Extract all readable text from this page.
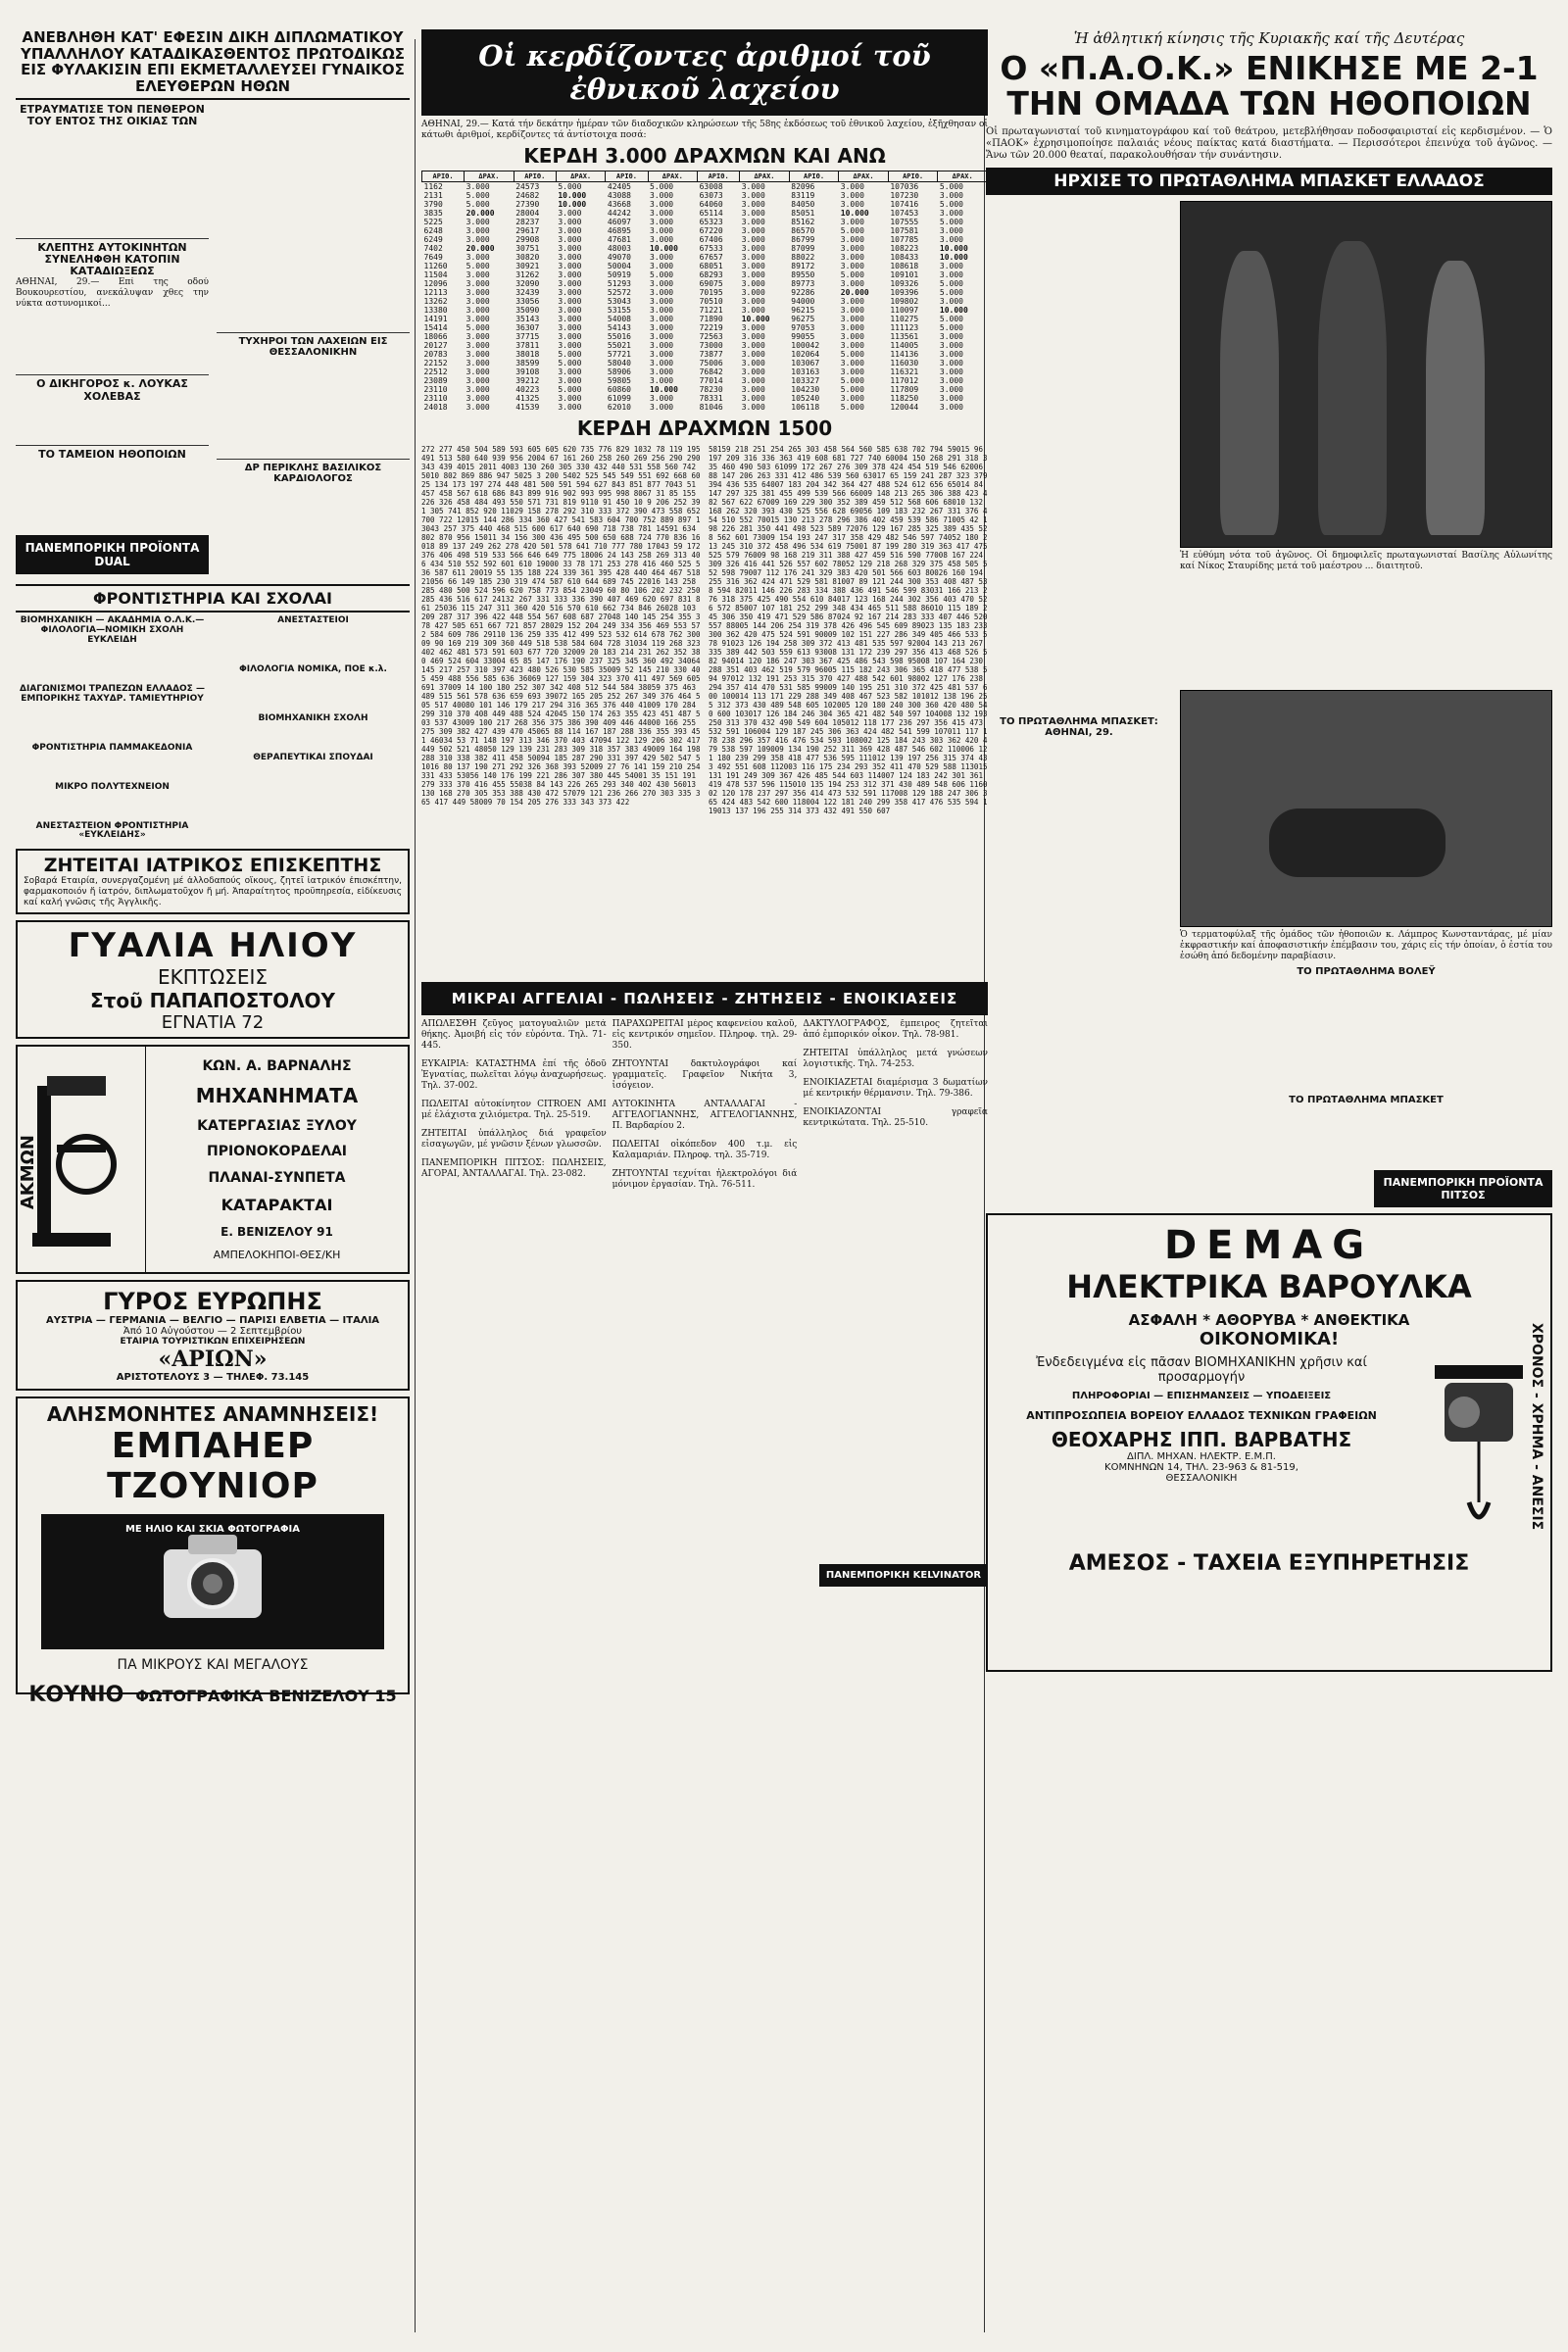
ΑΝΕΒΛΗΘΗ ΚΑΤ' ΕΦΕΣΙΝ ΔΙΚΗ ΔΙΠΛΩΜΑΤΙΚΟΥ ΥΠΑΛΛΗΛΟΥ ΚΑΤΑΔΙΚΑΣΘΕΝΤΟΣ ΠΡΩΤΟΔΙΚΩΣ ΕΙΣ ΦΥΛΑΚΙΣΙΝ ΕΠΙ ΕΚΜΕΤΑΛΛΕΥΣΕΙ ΓΥΝΑΙΚΟΣ ΕΛΕΥΘΕΡΩΝ ΗΘΩΝ
ΕΤΡΑΥΜΑΤΙΣΕ ΤΟΝ ΠΕΝΘΕΡΟΝ ΤΟΥ ΕΝΤΟΣ ΤΗΣ ΟΙΚΙΑΣ ΤΩΝ

ΚΛΕΠΤΗΣ ΑΥΤΟΚΙΝΗΤΩΝ ΣΥΝΕΛΗΦΘΗ ΚΑΤΟΠΙΝ ΚΑΤΑΔΙΩΞΕΩΣ

ΑΘΗΝΑΙ, 29.— Επί της οδού Βουκουρεστίου, ανεκάλυψαν χθες την νύκτα αστυνομικοί...

Ο ΔΙΚΗΓΟΡΟΣ κ. ΛΟΥΚΑΣ ΧΟΛΕΒΑΣ

ΤΟ ΤΑΜΕΙΟΝ ΗΘΟΠΟΙΩΝ

ΠΑΝΕΜΠΟΡΙΚΗ ΠΡΟΪΟΝΤΑ DUAL

ΤΥΧΗΡΟΙ ΤΩΝ ΛΑΧΕΙΩΝ ΕΙΣ ΘΕΣΣΑΛΟΝΙΚΗΝ

ΔΡ ΠΕΡΙΚΛΗΣ ΒΑΣΙΛΙΚΟΣ ΚΑΡΔΙΟΛΟΓΟΣ

ΦΡΟΝΤΙΣΤΗΡΙΑ ΚΑΙ ΣΧΟΛΑΙ
ΒΙΟΜΗΧΑΝΙΚΗ — ΑΚΑΔΗΜΙΑ Ο.Λ.Κ.—ΦΙΛΟΛΟΓΙΑ—ΝΟΜΙΚΗ ΣΧΟΛΗ ΕΥΚΛΕΙΔΗ

ΔΙΑΓΩΝΙΣΜΟΙ ΤΡΑΠΕΖΩΝ ΕΛΛΑΔΟΣ — ΕΜΠΟΡΙΚΗΣ ΤΑΧΥΔΡ. ΤΑΜΙΕΥΤΗΡΙΟΥ

ΦΡΟΝΤΙΣΤΗΡΙΑ ΠΑΜΜΑΚΕΔΟΝΙΑ

ΜΙΚΡΟ ΠΟΛΥΤΕΧΝΕΙΟΝ

ΑΝΕΣΤΑΣΤΕΙΟΝ ΦΡΟΝΤΙΣΤΗΡΙΑ «ΕΥΚΛΕΙΔΗΣ»
ΑΝΕΣΤΑΣΤΕΙΟΙ

ΦΙΛΟΛΟΓΙΑ ΝΟΜΙΚΑ, ΠΟΕ κ.λ.

ΒΙΟΜΗΧΑΝΙΚΗ ΣΧΟΛΗ

ΘΕΡΑΠΕΥΤΙΚΑΙ ΣΠΟΥΔΑΙ

ΖΗΤΕΙΤΑΙ ΙΑΤΡΙΚΟΣ ΕΠΙΣΚΕΠΤΗΣ

Σοβαρά Εταιρία, συνεργαζομένη μέ ἀλλοδαπούς οἴκους, ζητεῖ ἰατρικόν ἐπισκέπτην, φαρμακοποιόν ἤ ἰατρόν, διπλωματοῦχον ἤ μή. Ἀπαραίτητος προϋπηρεσία, εἰδίκευσις καί καλή γνῶσις τῆς Ἀγγλικῆς.

ΓΥΑΛΙΑ ΗΛΙΟΥ
ΕΚΠΤΩΣΕΙΣ
Στοῦ ΠΑΠΑΠΟΣΤΟΛΟΥ
ΕΓΝΑΤΙΑ 72
ΑΚΜΩΝ
ΚΩΝ. Α. ΒΑΡΝΑΛΗΣ
ΜΗΧΑΝΗΜΑΤΑ
ΚΑΤΕΡΓΑΣΙΑΣ ΞΥΛΟΥ
ΠΡΙΟΝΟΚΟΡΔΕΛΑΙ
ΠΛΑΝΑΙ-ΣΥΝΠΕΤΑ
ΚΑΤΑΡΑΚΤΑΙ
Ε. ΒΕΝΙΖΕΛΟΥ 91
ΑΜΠΕΛΟΚΗΠΟΙ-ΘΕΣ/ΚΗ
ΓΥΡΟΣ ΕΥΡΩΠΗΣ
ΑΥΣΤΡΙΑ — ΓΕΡΜΑΝΙΑ — ΒΕΛΓΙΟ — ΠΑΡΙΣΙ ΕΛΒΕΤΙΑ — ΙΤΑΛΙΑ
Ἀπό 10 Αὐγούστου — 2 Σεπτεμβρίου
ΕΤΑΙΡΙΑ ΤΟΥΡΙΣΤΙΚΩΝ ΕΠΙΧΕΙΡΗΣΕΩΝ
«ΑΡΙΩΝ»
ΑΡΙΣΤΟΤΕΛΟΥΣ 3 — ΤΗΛΕΦ. 73.145
ΑΛΗΣΜΟΝΗΤΕΣ ΑΝΑΜΝΗΣΕΙΣ!
ΕΜΠΑΗΕΡ ΤΖΟΥΝΙΟΡ
ΜΕ ΗΛΙΟ ΚΑΙ ΣΚΙΑ ΦΩΤΟΓΡΑΦΙΑ
ΠΑ ΜΙΚΡΟΥΣ ΚΑΙ ΜΕΓΑΛΟΥΣ
ΚΟΥΝΙΟ ΦΩΤΟΓΡΑΦΙΚΑ ΒΕΝΙΖΕΛΟΥ 15
Οἱ κερδίζοντες ἀριθμοί τοῦ ἐθνικοῦ λαχείου

ΑΘΗΝΑΙ, 29.— Κατά τήν δεκάτην ἡμέραν τῶν διαδοχικῶν κληρώσεων τῆς 58ης ἐκδόσεως τοῦ ἐθνικοῦ λαχείου, ἐξῆχθησαν οἱ κάτωθι ἀριθμοί, κερδίζοντες τά ἀντίστοιχα ποσά:

ΚΕΡΔΗ 3.000 ΔΡΑΧΜΩΝ ΚΑΙ ΑΝΩ
ΑΡΙΘ.	ΔΡΑΧ.	ΑΡΙΘ.	ΔΡΑΧ.	ΑΡΙΘ.	ΔΡΑΧ.	ΑΡΙΘ.	ΔΡΑΧ.	ΑΡΙΘ.	ΔΡΑΧ.	ΑΡΙΘ.	ΔΡΑΧ.
1162	3.000	24573	5.000	42405	5.000	63008	3.000	82096	3.000	107036	5.000
2131	5.000	24682	10.000	43088	3.000	63073	3.000	83119	3.000	107230	3.000
3790	5.000	27390	10.000	43668	3.000	64060	3.000	84050	3.000	107416	5.000
3835	20.000	28004	3.000	44242	3.000	65114	3.000	85051	10.000	107453	3.000
5225	3.000	28237	3.000	46097	3.000	65323	3.000	85162	3.000	107555	5.000
6248	3.000	29617	3.000	46895	3.000	67220	3.000	86570	5.000	107581	3.000
6249	3.000	29908	3.000	47681	3.000	67406	3.000	86799	3.000	107785	3.000
7402	20.000	30751	3.000	48003	10.000	67533	3.000	87099	3.000	108223	10.000
7649	3.000	30820	3.000	49070	3.000	67657	3.000	88022	3.000	108433	10.000
11260	5.000	30921	3.000	50004	3.000	68051	3.000	89172	3.000	108618	3.000
11504	3.000	31262	3.000	50919	5.000	68293	3.000	89550	5.000	109101	3.000
12096	3.000	32090	3.000	51293	3.000	69075	3.000	89773	3.000	109326	5.000
12113	3.000	32439	3.000	52572	3.000	70195	3.000	92286	20.000	109396	5.000
13262	3.000	33056	3.000	53043	3.000	70510	3.000	94000	3.000	109802	3.000
13380	3.000	35090	3.000	53155	3.000	71221	3.000	96215	3.000	110097	10.000
14191	3.000	35143	3.000	54008	3.000	71890	10.000	96275	3.000	110275	5.000
15414	5.000	36307	3.000	54143	3.000	72219	3.000	97053	3.000	111123	5.000
18066	3.000	37715	3.000	55016	3.000	72563	3.000	99055	3.000	113561	3.000
20127	3.000	37811	3.000	55021	3.000	73000	3.000	100042	3.000	114005	3.000
20783	3.000	38018	5.000	57721	3.000	73877	3.000	102064	5.000	114136	3.000
22152	3.000	38599	5.000	58040	3.000	75006	3.000	103067	3.000	116030	3.000
22512	3.000	39108	3.000	58906	3.000	76842	3.000	103163	3.000	116321	3.000
23089	3.000	39212	3.000	59805	3.000	77014	3.000	103327	5.000	117012	3.000
23110	3.000	40223	5.000	60860	10.000	78230	3.000	104230	5.000	117809	3.000
23110	3.000	41325	3.000	61099	3.000	78331	3.000	105240	3.000	118250	3.000
24018	3.000	41539	3.000	62010	3.000	81046	3.000	106118	5.000	120044	3.000
ΚΕΡΔΗ ΔΡΑΧΜΩΝ 1500
272 277 450 504 589 593 605 605 620 735 776 829 1032 78 119 195 491 513 580 640 939 956 2004 67 161 260 258 260 269 256 290 290 343 439 4015 2011 4003 130 260 305 330 432 440 531 558 560 742 5010 802 869 886 947 5025 3 200 5402 525 545 549 551 692 668 6025 134 173 197 274 448 481 500 591 594 627 843 851 877 7043 51 457 458 567 618 686 843 899 916 902 993 995 998 8067 31 85 155 226 326 458 484 493 550 571 731 819 9110 91 450 10 9 206 252 391 305 741 852 920 11029 158 278 292 310 333 372 390 473 558 652 700 722 12015 144 286 334 360 427 541 583 604 700 752 889 897 13043 257 375 440 468 515 600 617 640 690 718 738 781 14591 634 802 870 956 15011 34 156 300 436 495 500 650 688 724 770 836 16018 89 137 249 262 278 420 501 578 641 710 777 780 17043 59 172 376 406 498 519 533 566 646 649 775 18006 24 143 258 269 313 406 434 510 552 592 601 610 19000 33 78 171 253 278 416 460 525 536 587 611 20019 55 135 188 224 339 361 395 428 440 464 467 518 21056 66 149 185 230 319 474 587 610 644 689 745 22016 143 258 285 480 500 524 596 620 758 773 854 23049 60 80 106 202 232 250 285 436 516 617 24132 267 331 333 336 390 407 469 620 697 831 861 25036 115 247 311 360 420 516 570 610 662 734 846 26028 103 209 287 317 396 422 448 554 567 608 687 27048 140 145 254 355 378 427 505 651 667 721 857 28029 152 204 249 334 356 469 553 572 584 609 786 29110 136 259 335 412 499 523 532 614 678 762 30009 90 169 219 309 360 449 518 538 584 604 728 31034 119 268 323 402 462 481 573 591 603 677 720 32009 20 183 214 231 262 352 380 469 524 604 33004 65 85 147 176 190 237 325 345 360 492 34064 145 217 257 310 397 423 480 526 530 585 35009 52 145 210 330 405 459 488 556 585 636 36069 127 159 304 323 370 411 497 569 605 691 37009 14 100 180 252 307 342 408 512 544 584 38059 375 463 489 515 561 578 636 659 693 39072 165 205 252 267 349 376 464 505 517 40080 101 146 179 217 294 316 365 376 440 41009 170 284 299 310 370 408 449 488 524 42045 150 174 263 355 423 451 487 503 537 43009 100 217 268 356 375 386 390 409 446 44000 166 255 275 309 382 427 439 470 45065 88 114 167 187 288 336 355 393 451 46034 53 71 148 197 313 346 370 403 47094 122 129 206 302 417 449 502 521 48050 129 139 231 283 309 318 357 383 49009 164 198 288 310 338 382 411 458 50094 185 287 290 331 397 429 502 547 51016 80 137 190 271 292 326 368 393 52009 27 76 141 159 210 254 331 433 53056 140 176 199 221 286 307 380 445 54001 35 151 191 279 333 370 416 455 55038 84 143 226 265 293 340 402 430 56013 130 168 270 305 353 388 430 472 57079 121 236 266 270 303 335 365 417 449 58009 70 154 205 276 333 343 373 422
58159 218 251 254 265 303 458 564 560 585 638 702 794 59015 96 197 209 316 336 363 419 608 681 727 740 60004 150 268 291 318 335 460 490 503 61099 172 267 276 309 378 424 454 519 546 62006 88 147 206 263 331 412 486 539 560 63017 65 159 241 287 323 379 394 436 535 64007 183 204 342 364 427 488 524 612 656 65014 84 147 297 325 381 455 499 539 566 66009 148 213 265 306 388 423 482 567 622 67009 169 229 300 352 389 459 512 568 606 68010 132 168 262 320 393 430 525 556 628 69056 109 183 232 267 331 376 454 510 552 70015 130 213 278 296 386 402 459 539 586 71005 42 198 226 281 350 441 498 523 589 72076 129 167 285 325 389 435 528 562 601 73009 154 193 247 317 358 429 482 546 597 74052 180 213 245 310 372 458 496 534 619 75001 87 199 280 319 363 417 475 525 579 76009 98 168 219 311 388 427 459 516 590 77008 167 224 309 326 416 441 526 557 602 78052 129 218 268 329 375 458 505 552 598 79007 112 176 241 329 383 420 501 566 603 80026 160 194 255 316 362 424 471 529 581 81007 89 121 244 300 353 408 487 538 594 82011 146 226 283 334 388 436 491 546 599 83031 166 213 276 318 375 425 490 554 610 84017 123 168 244 302 356 403 470 526 572 85007 107 181 252 299 348 434 465 511 588 86010 115 189 245 306 350 419 471 529 586 87024 92 167 214 283 333 407 446 520 557 88005 144 206 254 319 378 426 496 545 609 89023 135 183 233 300 362 420 475 524 591 90009 102 151 227 286 349 405 466 533 578 91023 126 194 258 309 372 413 481 535 597 92004 143 213 267 335 389 442 503 559 613 93008 131 172 239 297 356 413 468 526 582 94014 120 186 247 303 367 425 486 543 598 95008 107 164 230 288 351 403 462 519 579 96005 115 182 243 306 365 418 477 538 594 97012 132 191 253 315 370 427 488 542 601 98002 127 176 238 294 357 414 470 531 585 99009 140 195 251 310 372 425 481 537 600 100014 113 171 229 288 349 408 467 523 582 101012 138 196 255 312 373 430 489 548 605 102005 120 180 240 300 360 420 480 540 600 103017 126 184 246 304 365 421 482 540 597 104008 132 193 250 313 370 432 490 549 604 105012 118 177 236 297 356 415 473 532 591 106004 129 187 245 306 363 424 482 541 599 107011 117 178 238 296 357 416 476 534 593 108002 125 184 243 303 362 420 479 538 597 109009 134 190 252 311 369 428 487 546 602 110006 121 180 239 299 358 418 477 536 595 111012 139 197 256 315 374 433 492 551 608 112003 116 175 234 293 352 411 470 529 588 113015 131 191 249 309 367 426 485 544 603 114007 124 183 242 301 361 419 478 537 596 115010 135 194 253 312 371 430 489 548 606 116002 120 178 237 297 356 414 473 532 591 117008 129 188 247 306 365 424 483 542 600 118004 122 181 240 299 358 417 476 535 594 119013 137 196 255 314 373 432 491 550 607
ΜΙΚΡΑΙ ΑΓΓΕΛΙΑΙ - ΠΩΛΗΣΕΙΣ - ΖΗΤΗΣΕΙΣ - ΕΝΟΙΚΙΑΣΕΙΣ

ΑΠΩΛΕΣΘΗ ζεῦγος ματογυαλιῶν μετά θήκης. Ἀμοιβή εἰς τόν εὑρόντα. Τηλ. 71-445.

ΕΥΚΑΙΡΙΑ: ΚΑΤΑΣΤΗΜΑ ἐπί τῆς ὁδοῦ Ἐγνατίας, πωλεῖται λόγῳ ἀναχωρήσεως. Τηλ. 37-002.

ΠΩΛΕΙΤΑΙ αὐτοκίνητον CITROEN ΑΜΙ μέ ἐλάχιστα χιλιόμετρα. Τηλ. 25-519.

ΖΗΤΕΙΤΑΙ ὑπάλληλος διά γραφεῖον εἰσαγωγῶν, μέ γνῶσιν ξένων γλωσσῶν.

ΠΑΝΕΜΠΟΡΙΚΗ ΠΙΤΣΟΣ: ΠΩΛΗΣΕΙΣ, ΑΓΟΡΑΙ, ἈΝΤΑΛΛΑΓΑΙ. Τηλ. 23-082.

ΠΑΡΑΧΩΡΕΙΤΑΙ μέρος καφενείου καλοῦ, εἰς κεντρικόν σημεῖον. Πληροφ. τηλ. 29-350.

ΖΗΤΟΥΝΤΑΙ δακτυλογράφοι καί γραμματεῖς. Γραφεῖον Νικήτα 3, ἰσόγειον.

ΑΥΤΟΚΙΝΗΤΑ ΑΝΤΑΛΛΑΓΑΙ - ΑΓΓΕΛΟΓΙΑΝΝΗΣ, ΑΓΓΕΛΟΓΙΑΝΝΗΣ, Π. Βαρδαρίου 2.

ΠΩΛΕΙΤΑΙ οἰκόπεδον 400 τ.μ. εἰς Καλαμαριάν. Πληροφ. τηλ. 35-719.

ΖΗΤΟΥΝΤΑΙ τεχνίται ἠλεκτρολόγοι διά μόνιμον ἐργασίαν. Τηλ. 76-511.

ΔΑΚΤΥΛΟΓΡΑΦΟΣ, ἔμπειρος ζητεῖται ἀπό ἐμπορικόν οἶκον. Τηλ. 78-981.

ΖΗΤΕΙΤΑΙ ὑπάλληλος μετά γνώσεων λογιστικῆς. Τηλ. 74-253.

ΕΝΟΙΚΙΑΖΕΤΑΙ διαμέρισμα 3 δωματίων μέ κεντρικήν θέρμανσιν. Τηλ. 79-386.

ΕΝΟΙΚΙΑΖΟΝΤΑΙ γραφεῖα κεντρικώτατα. Τηλ. 25-510.

ΠΑΝΕΜΠΟΡΙΚΗ KELVINATOR
Ἡ ἀθλητική κίνησις τῆς Κυριακῆς καί τῆς Δευτέρας
Ο «Π.Α.Ο.Κ.» ΕΝΙΚΗΣΕ ΜΕ 2-1 ΤΗΝ ΟΜΑΔΑ ΤΩΝ ΗΘΟΠΟΙΩΝ

Οἱ πρωταγωνισταί τοῦ κινηματογράφου καί τοῦ θεάτρου, μετεβλήθησαν ποδοσφαιρισταί εἰς κερδισμένον. — Ὁ «ΠΑΟΚ» ἐχρησιμοποίησε παλαιάς νέους παίκτας κατά διαστήματα. — Περισσότεροι ἐπεινύχα τοῦ ἀγῶνος. — Ἄνω τῶν 20.000 θεαταί, παρακολουθήσαν τήν συνάντησιν.

ΗΡΧΙΣΕ ΤΟ ΠΡΩΤΑΘΛΗΜΑ ΜΠΑΣΚΕΤ ΕΛΛΑΔΟΣ

ΤΟ ΠΡΩΤΑΘΛΗΜΑ ΜΠΑΣΚΕΤ: ΑΘΗΝΑΙ, 29.

Ἡ εὐθύμη νότα τοῦ ἀγῶνος. Οἱ δημοφιλεῖς πρωταγωνισταί Βασίλης Αὐλωνίτης καί Νίκος Σταυρίδης μετά τοῦ μαέστρου ... διαιτητοῦ.

Ὁ τερματοφύλαξ τῆς ὁμάδος τῶν ἠθοποιῶν κ. Λάμπρος Κωνσταντάρας, μέ μίαν ἐκφραστικήν καί ἀποφασιστικήν ἐπέμβασιν του, χάρις εἰς τήν ὁποίαν, ὁ ἐστία του ἐσώθη ἀπό δεδομένην παραβίασιν.

ΤΟ ΠΡΩΤΑΘΛΗΜΑ ΒΟΛΕΫ

ΤΟ ΠΡΩΤΑΘΛΗΜΑ ΜΠΑΣΚΕΤ

ΠΑΝΕΜΠΟΡΙΚΗ ΠΡΟΪΟΝΤΑ ΠΙΤΣΟΣ
DEMAG
ΗΛΕΚΤΡΙΚΑ ΒΑΡΟΥΛΚΑ
ΑΣΦΑΛΗ * ΑΘΟΡΥΒΑ * ΑΝΘΕΚΤΙΚΑ
ΟΙΚΟΝΟΜΙΚΑ!
Ἐνδεδειγμένα εἰς πᾶσαν ΒΙΟΜΗΧΑΝΙΚΗΝ χρῆσιν καί προσαρμογήν
ΠΛΗΡΟΦΟΡΙΑΙ — ΕΠΙΣΗΜΑΝΣΕΙΣ — ΥΠΟΔΕΙΞΕΙΣ
ΑΝΤΙΠΡΟΣΩΠΕΙΑ ΒΟΡΕΙΟΥ ΕΛΛΑΔΟΣ ΤΕΧΝΙΚΩΝ ΓΡΑΦΕΙΩΝ
ΘΕΟΧΑΡΗΣ ΙΠΠ. ΒΑΡΒΑΤΗΣ
ΔΙΠΛ. ΜΗΧΑΝ. ΗΛΕΚΤΡ. Ε.Μ.Π.
ΚΟΜΝΗΝΩΝ 14, ΤΗΛ. 23-963 & 81-519,
ΘΕΣΣΑΛΟΝΙΚΗ
ΑΜΕΣΟΣ - ΤΑΧΕΙΑ ΕΞΥΠΗΡΕΤΗΣΙΣ
ΧΡΟΝΟΣ - ΧΡΗΜΑ - ΑΝΕΣΙΣ
